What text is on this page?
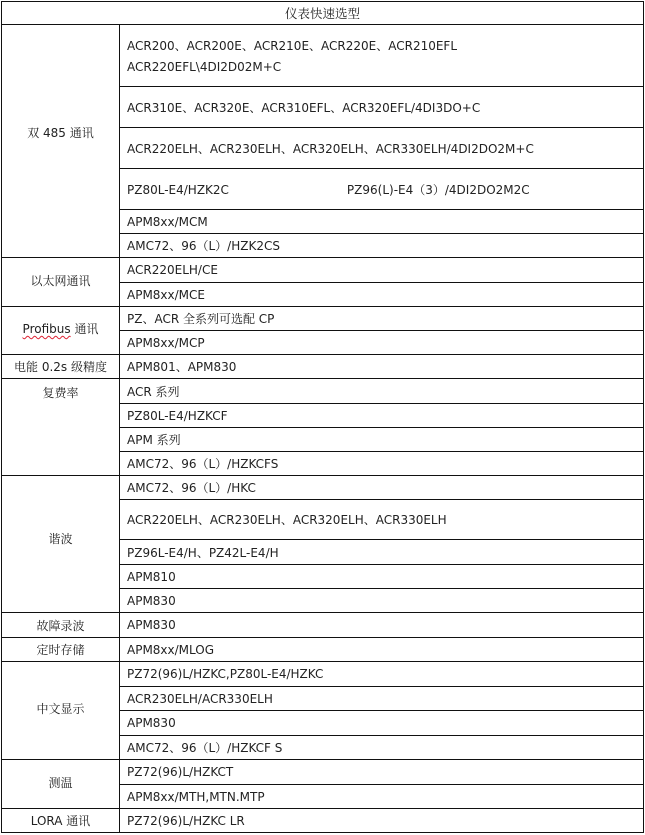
仪表快速选型	
双 485 通讯	ACR200、ACR200E、ACR210E、ACR220E、ACR210EFL
ACR220EFL\4DI2D02M+C

	ACR310E、ACR320E、ACR310EFL、ACR320EFL/4DI3DO+C
	ACR220ELH、ACR230ELH、ACR320ELH、ACR330ELH/4DI2DO2M+C
	PZ80L-E4/HZK2C PZ96(L)-E4（3）/4DI2DO2M2C
	APM8xx/MCM
	AMC72、96（L）/HZK2CS
以太网通讯	ACR220ELH/CE
	APM8xx/MCE
Profibus 通讯	PZ、ACR 全系列可选配 CP
	APM8xx/MCP
电能 0.2s 级精度	APM801、APM830
复费率	ACR 系列
	PZ80L-E4/HZKCF
	APM 系列
	AMC72、96（L）/HZKCFS
谐波	AMC72、96（L）/HKC
	ACR220ELH、ACR230ELH、ACR320ELH、ACR330ELH
	PZ96L-E4/H、PZ42L-E4/H
	APM810
	APM830
故障录波	APM830
定时存储	APM8xx/MLOG
中文显示	PZ72(96)L/HZKC,PZ80L-E4/HZKC
	ACR230ELH/ACR330ELH
	APM830
	AMC72、96（L）/HZKCF S
测温	PZ72(96)L/HZKCT
	APM8xx/MTH,MTN.MTP
LORA 通讯	PZ72(96)L/HZKC LR
